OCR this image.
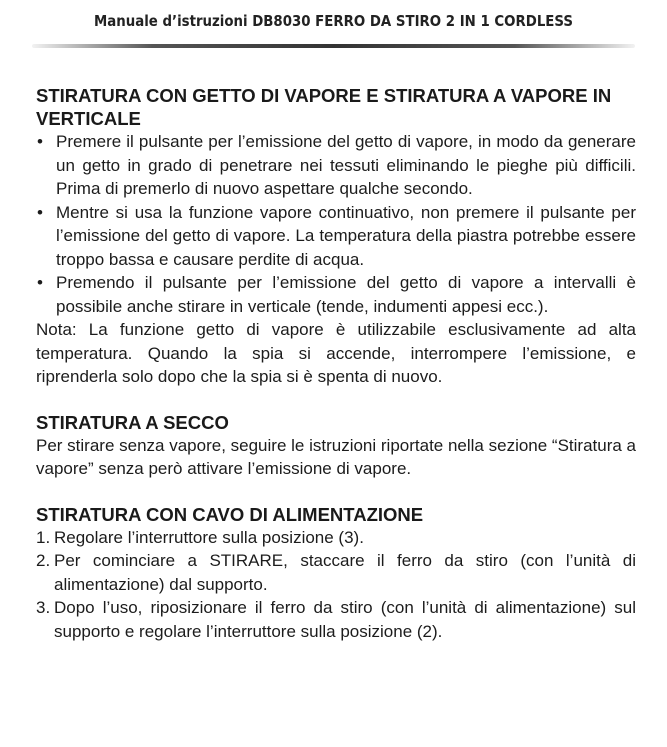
Manuale d’istruzioni DB8030 FERRO DA STIRO 2 IN 1 CORDLESS
STIRATURA CON GETTO DI VAPORE E STIRATURA A VAPORE IN VERTICALE
• Premere il pulsante per l’emissione del getto di vapore, in modo da generare un getto in grado di penetrare nei tessuti eliminando le pieghe più difficili. Prima di premerlo di nuovo aspettare qualche secondo.
• Mentre si usa la funzione vapore continuativo, non premere il pulsante per l’emissione del getto di vapore. La temperatura della piastra potrebbe essere troppo bassa e causare perdite di acqua.
• Premendo il pulsante per l’emissione del getto di vapore a intervalli è possibile anche stirare in verticale (tende, indumenti appesi ecc.).

Nota: La funzione getto di vapore è utilizzabile esclusivamente ad alta temperatura. Quando la spia si accende, interrompere l’emissione, e riprenderla solo dopo che la spia si è spenta di nuovo.

STIRATURA A SECCO

Per stirare senza vapore, seguire le istruzioni riportate nella sezione “Stiratura a vapore” senza però attivare l’emissione di vapore.

STIRATURA CON CAVO DI ALIMENTAZIONE
1. Regolare l’interruttore sulla posizione (3).
2. Per cominciare a STIRARE, staccare il ferro da stiro (con l’unità di alimentazione) dal supporto.
3. Dopo l’uso, riposizionare il ferro da stiro (con l’unità di alimentazione) sul supporto e regolare l’interruttore sulla posizione (2).
